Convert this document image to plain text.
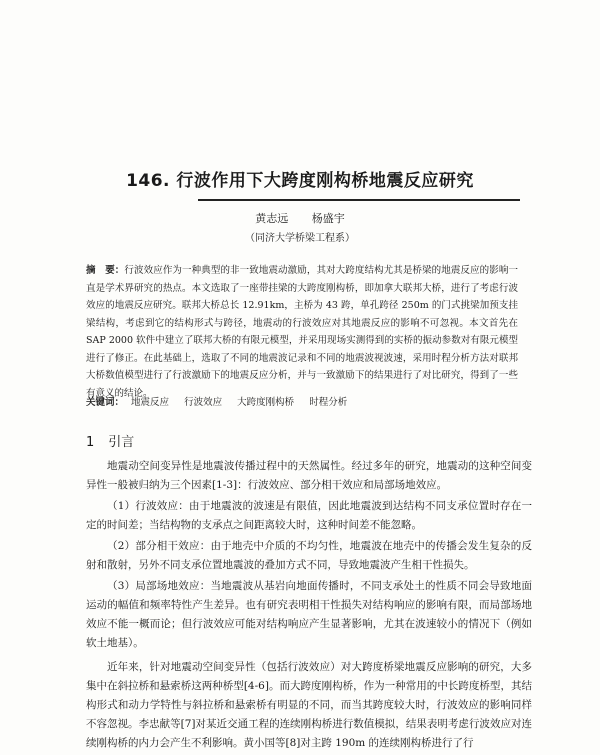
146. 行波作用下大跨度刚构桥地震反应研究
黄志远 杨盛宇
（同济大学桥梁工程系）
摘　要：行波效应作为一种典型的非一致地震动激励，其对大跨度结构尤其是桥梁的地震反应的影响一直是学术界研究的热点。本文选取了一座带挂梁的大跨度刚构桥，即加拿大联邦大桥，进行了考虑行波效应的地震反应研究。联邦大桥总长 12.91km，主桥为 43 跨，单孔跨径 250m 的门式挑梁加预支挂梁结构，考虑到它的结构形式与跨径，地震动的行波效应对其地震反应的影响不可忽视。本文首先在 SAP 2000 软件中建立了联邦大桥的有限元模型，并采用现场实测得到的实桥的振动参数对有限元模型进行了修正。在此基础上，选取了不同的地震波记录和不同的地震波视波速，采用时程分析方法对联邦大桥数值模型进行了行波激励下的地震反应分析，并与一致激励下的结果进行了对比研究，得到了一些有意义的结论。
关键词： 地震反应 行波效应 大跨度刚构桥 时程分析
1 引言

地震动空间变异性是地震波传播过程中的天然属性。经过多年的研究，地震动的这种空间变异性一般被归纳为三个因素[1-3]：行波效应、部分相干效应和局部场地效应。

（1）行波效应：由于地震波的波速是有限值，因此地震波到达结构不同支承位置时存在一定的时间差；当结构物的支承点之间距离较大时，这种时间差不能忽略。

（2）部分相干效应：由于地壳中介质的不均匀性，地震波在地壳中的传播会发生复杂的反射和散射，另外不同支承位置地震波的叠加方式不同，导致地震波产生相干性损失。

（3）局部场地效应：当地震波从基岩向地面传播时，不同支承处土的性质不同会导致地面运动的幅值和频率特性产生差异。也有研究表明相干性损失对结构响应的影响有限，而局部场地效应不能一概而论；但行波效应可能对结构响应产生显著影响，尤其在波速较小的情况下（例如软土地基）。

近年来，针对地震动空间变异性（包括行波效应）对大跨度桥梁地震反应影响的研究，大多集中在斜拉桥和悬索桥这两种桥型[4-6]。而大跨度刚构桥，作为一种常用的中长跨度桥型，其结构形式和动力学特性与斜拉桥和悬索桥有明显的不同，而当其跨度较大时，行波效应的影响同样不容忽视。李忠献等[7]对某近交通工程的连续刚构桥进行数值模拟，结果表明考虑行波效应对连续刚构桥的内力会产生不利影响。黄小国等[8]对主跨 190m 的连续刚构桥进行了行
